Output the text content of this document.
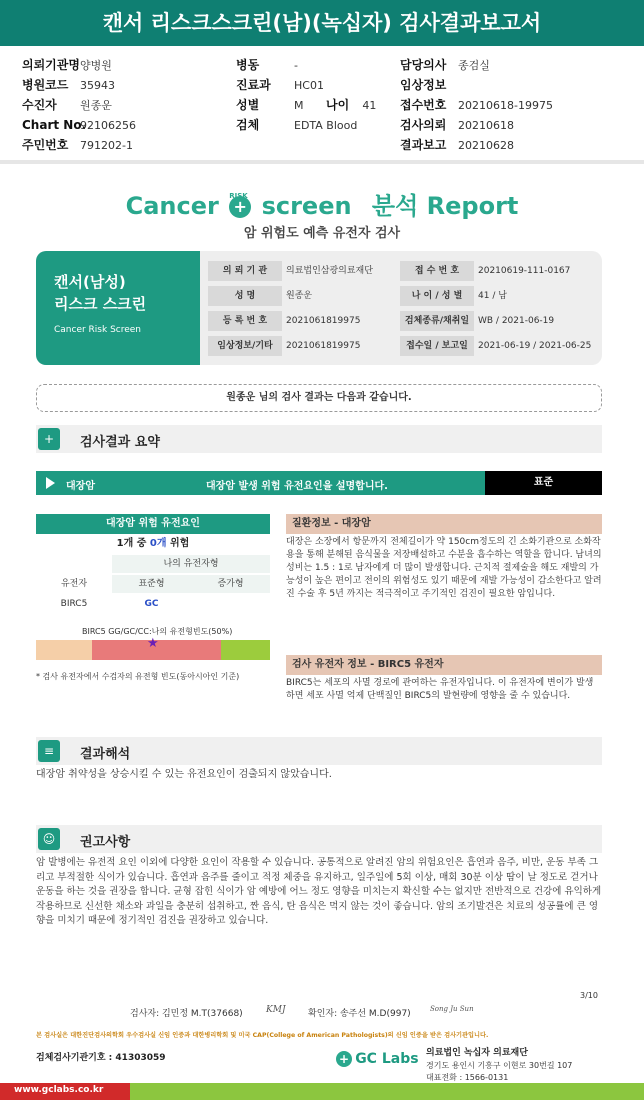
캔서 리스크스크린(남)(녹십자) 검사결과보고서
의뢰기관명양병원
병원코드 35943
수진자 원종운
Chart No.92106256
주민번호 791202-1
병동	-
진료과 HC01
성별	M
검체	EDTA Blood
나이 41
담당의사 종검실
임상정보
접수번호 20210618-19975
검사의뢰 20210618
결과보고 20210628
Cancer +
RISK screen 분석 Report
암 위험도 예측 유전자 검사
캔서(남성)
리스크 스크린
Cancer Risk Screen
의 뢰 기 관	의료법인삼광의료재단	접 수 번 호	20210619-111-0167
성 명	원종운	나 이 / 성 별	41 / 남
등 록 번 호	2021061819975	검체종류/채취일 WB / 2021-06-19
임상정보/기타	2021061819975	접수일 / 보고일	2021-06-19 / 2021-06-25
원종운 님의 검사 결과는 다음과 같습니다.
+	검사결과 요약
대장암	대장암 발생 위험 유전요인을 설명합니다.	표준
대장암 위험 유전요인
1개 중 0개 위험
나의 유전자형
유전자	표준형	증가형
BIRC5	GC
BIRC5 GG/GC/CC:나의 유전형빈도(50%)
★
* 검사 유전자에서 수검자의 유전형 빈도(동아시아인 기준)
질환정보 - 대장암
대장은 소장에서 항문까지 전체길이가 약 150cm정도의 긴 소화기관으로 소화작용을 통해 분해된 음식물을 저장배설하고 수분을 흡수하는 역할을 합니다. 남녀의 성비는 1.5 : 1로 남자에게 더 많이 발생합니다. 근치적 절제술을 해도 재발의 가능성이 높은 편이고 전이의 위험성도 있기 때문에 재발 가능성이 감소한다고 알려진 수술 후 5년 까지는 적극적이고 주기적인 검진이 필요한 암입니다.
검사 유전자 정보 - BIRC5 유전자
BIRC5는 세포의 사멸 경로에 관여하는 유전자입니다. 이 유전자에 변이가 발생하면 세포 사멸 억제 단백질인 BIRC5의 발현량에 영향을 줄 수 있습니다.
≡	결과해석
대장암 취약성을 상승시킬 수 있는 유전요인이 검출되지 않았습니다.
☺	권고사항
암 발병에는 유전적 요인 이외에 다양한 요인이 작용할 수 있습니다. 공통적으로 알려진 암의 위험요인은 흡연과 음주, 비만, 운동 부족 그리고 부적절한 식이가 있습니다. 흡연과 음주를 줄이고 적정 체중을 유지하고, 일주일에 5회 이상, 매회 30분 이상 땀이 날 정도로 걷거나 운동을 하는 것을 권장을 합니다. 균형 잡힌 식이가 암 예방에 어느 정도 영향을 미치는지 확신할 수는 없지만 전반적으로 건강에 유익하게 작용하므로 신선한 채소와 과일을 충분히 섭취하고, 짠 음식, 탄 음식은 먹지 않는 것이 좋습니다. 암의 조기발견은 치료의 성공률에 큰 영향을 미치기 때문에 정기적인 검진을 권장하고 있습니다.
3/10
검사자: 김민정 M.T(37668)	KMJ 확인자: 송주선 M.D(997)	Song Ju Sun
본 검사실은 대한진단검사의학회 우수검사실 신임 인증과 대한병리학회 및 미국 CAP(College of American Pathologists)의 신임 인증을 받은 검사기관입니다.
검체검사기관기호 : 41303059	+ GC Labs 의료법인 녹십자 의료재단
경기도 용인시 기흥구 이현로 30번길 107
대표전화 : 1566-0131
www.gclabs.co.kr
